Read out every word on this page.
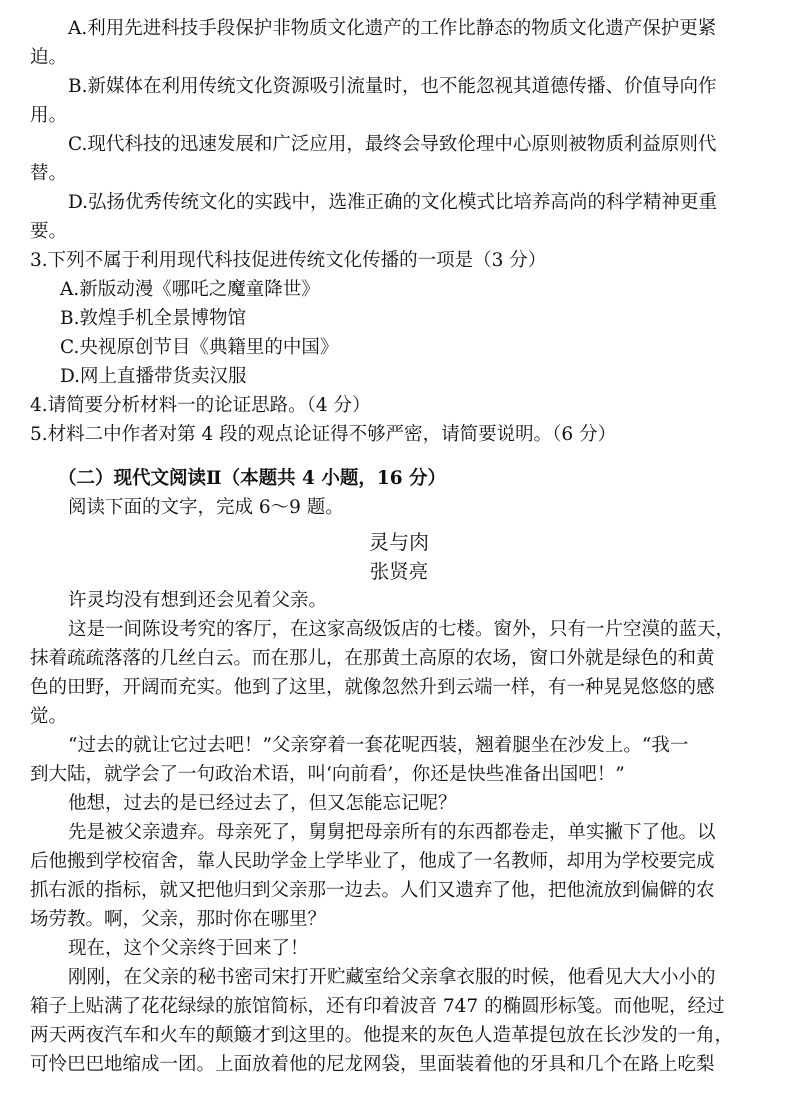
A.利用先进科技手段保护非物质文化遗产的工作比静态的物质文化遗产保护更紧
迫。
B.新媒体在利用传统文化资源吸引流量时，也不能忽视其道德传播、价值导向作
用。
C.现代科技的迅速发展和广泛应用，最终会导致伦理中心原则被物质利益原则代
替。
D.弘扬优秀传统文化的实践中，选准正确的文化模式比培养高尚的科学精神更重
要。
3.下列不属于利用现代科技促进传统文化传播的一项是（3 分）
A.新版动漫《哪吒之魔童降世》
B.敦煌手机全景博物馆
C.央视原创节目《典籍里的中国》
D.网上直播带货卖汉服
4.请简要分析材料一的论证思路。（4 分）
5.材料二中作者对第 4 段的观点论证得不够严密，请简要说明。（6 分）
（二）现代文阅读Ⅱ（本题共 4 小题，16 分）
阅读下面的文字，完成 6～9 题。
灵与肉
张贤亮
许灵均没有想到还会见着父亲。
这是一间陈设考究的客厅，在这家高级饭店的七楼。窗外，只有一片空漠的蓝天，
抹着疏疏落落的几丝白云。而在那儿，在那黄土高原的农场，窗口外就是绿色的和黄
色的田野，开阔而充实。他到了这里，就像忽然升到云端一样，有一种晃晃悠悠的感
觉。
“过去的就让它过去吧！”父亲穿着一套花呢西装，翘着腿坐在沙发上。“我一
到大陆，就学会了一句政治术语，叫‘向前看’，你还是快些准备出国吧！”
他想，过去的是已经过去了，但又怎能忘记呢？
先是被父亲遗弃。母亲死了，舅舅把母亲所有的东西都卷走，单实撇下了他。以
后他搬到学校宿舍，靠人民助学金上学毕业了，他成了一名教师，却用为学校要完成
抓右派的指标，就又把他归到父亲那一边去。人们又遗弃了他，把他流放到偏僻的农
场劳教。啊，父亲，那时你在哪里？
现在，这个父亲终于回来了！
刚刚，在父亲的秘书密司宋打开贮藏室给父亲拿衣服的时候，他看见大大小小的
箱子上贴满了花花绿绿的旅馆简标，还有印着波音 747 的椭圆形标笺。而他呢，经过
两天两夜汽车和火车的颠簸才到这里的。他提来的灰色人造革提包放在长沙发的一角，
可怜巴巴地缩成一团。上面放着他的尼龙网袋，里面装着他的牙具和几个在路上吃梨
